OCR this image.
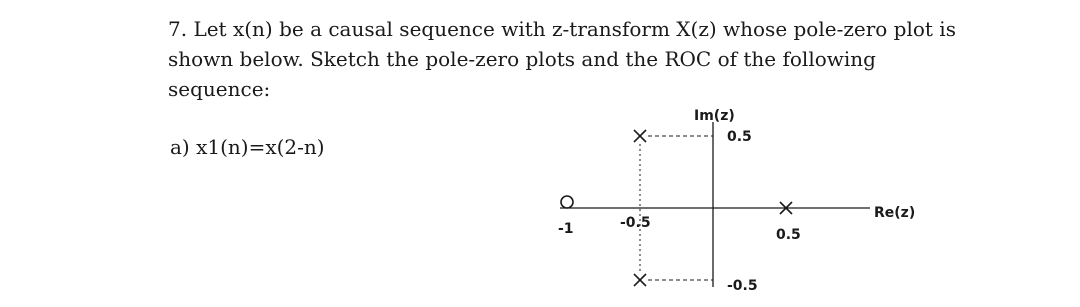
7. Let x(n) be a causal sequence with z-transform X(z) whose pole-zero plot is

shown below. Sketch the pole-zero plots and the ROC of the following

sequence:

a) x1(n)=x(2-n)
Im(z)
Re(z)
-1	-0.5
0.5
0.5
-0.5
